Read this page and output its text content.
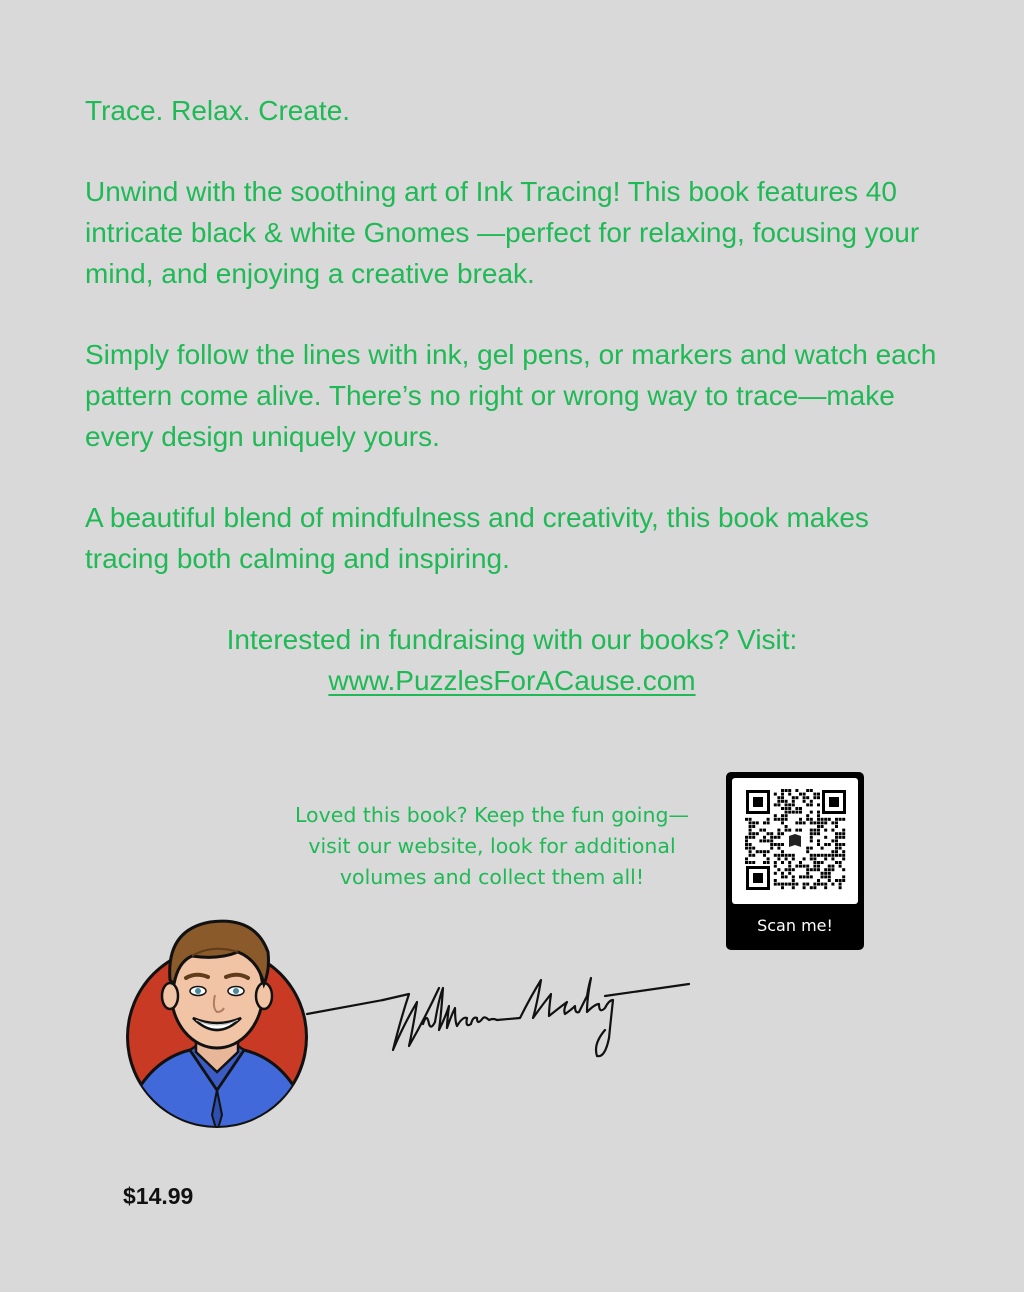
Trace. Relax. Create.

Unwind with the soothing art of Ink Tracing! This book features 40 intricate black & white Gnomes —perfect for relaxing, focusing your mind, and enjoying a creative break.

Simply follow the lines with ink, gel pens, or markers and watch each pattern come alive. There’s no right or wrong way to trace—make every design uniquely yours.

A beautiful blend of mindfulness and creativity, this book makes tracing both calming and inspiring.

Interested in fundraising with our books? Visit:
www.PuzzlesForACause.com
Loved this book? Keep the fun going—
visit our website, look for additional
volumes and collect them all!
Scan me!
$14.99
